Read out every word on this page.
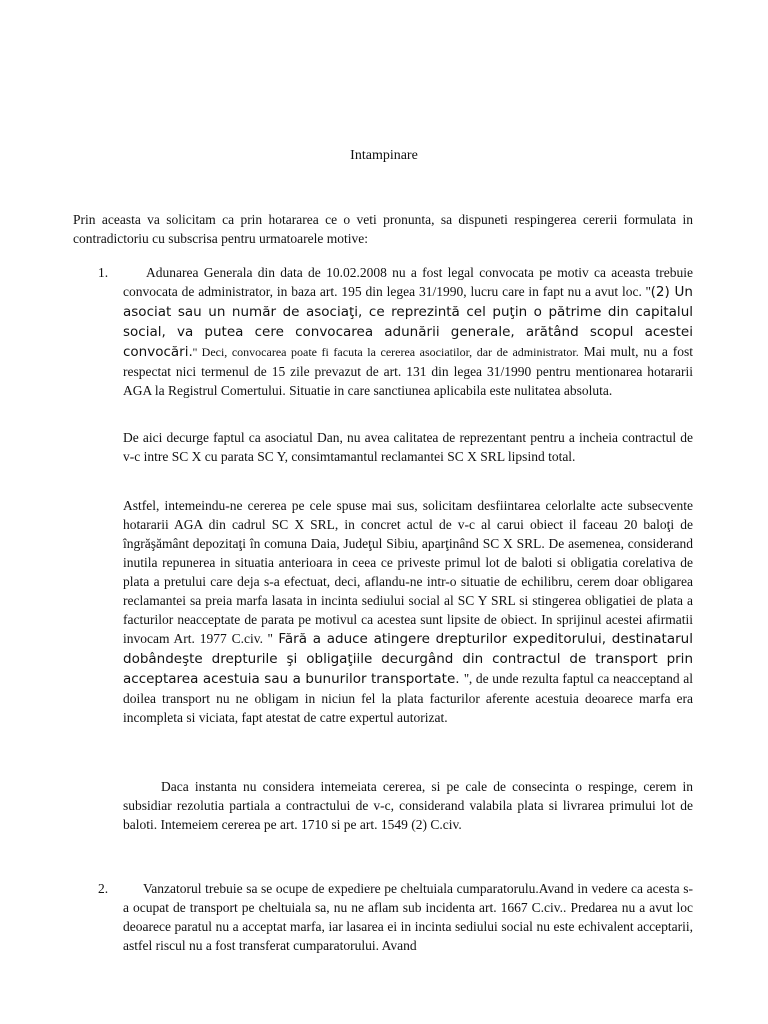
Intampinare
Prin aceasta va solicitam ca prin hotararea ce o veti pronunta, sa dispuneti respingerea cererii formulata in contradictoriu cu subscrisa pentru urmatoarele motive:
1.	Adunarea Generala din data de 10.02.2008 nu a fost legal convocata pe motiv ca aceasta trebuie convocata de administrator, in baza art. 195 din legea 31/1990, lucru care in fapt nu a avut loc. ''(2) Un asociat sau un număr de asociaţi, ce reprezintă cel puţin o pătrime din capitalul social, va putea cere convocarea adunării generale, arătând scopul acestei convocări.'' Deci, convocarea poate fi facuta la cererea asociatilor, dar de administrator. Mai mult, nu a fost respectat nici termenul de 15 zile prevazut de art. 131 din legea 31/1990 pentru mentionarea hotararii AGA la Registrul Comertului. Situatie in care sanctiunea aplicabila este nulitatea absoluta.
De aici decurge faptul ca asociatul Dan, nu avea calitatea de reprezentant pentru a incheia contractul de v-c intre SC X cu parata SC Y, consimtamantul reclamantei SC X SRL lipsind total.
Astfel, intemeindu-ne cererea pe cele spuse mai sus, solicitam desfiintarea celorlalte acte subsecvente hotararii AGA din cadrul SC X SRL, in concret actul de v-c al carui obiect il faceau 20 baloţi de îngrăşământ depozitaţi în comuna Daia, Judeţul Sibiu, aparţinând SC X SRL. De asemenea, considerand inutila repunerea in situatia anterioara in ceea ce priveste primul lot de baloti si obligatia corelativa de plata a pretului care deja s-a efectuat, deci, aflandu-ne intr-o situatie de echilibru, cerem doar obligarea reclamantei sa preia marfa lasata in incinta sediului social al SC Y SRL si stingerea obligatiei de plata a facturilor neacceptate de parata pe motivul ca acestea sunt lipsite de obiect. In sprijinul acestei afirmatii invocam Art. 1977 C.civ. '' Fără a aduce atingere drepturilor expeditorului, destinatarul dobândeşte drepturile şi obligaţiile decurgând din contractul de transport prin acceptarea acestuia sau a bunurilor transportate. '', de unde rezulta faptul ca neacceptand al doilea transport nu ne obligam in niciun fel la plata facturilor aferente acestuia deoarece marfa era incompleta si viciata, fapt atestat de catre expertul autorizat.
Daca instanta nu considera intemeiata cererea, si pe cale de consecinta o respinge, cerem in subsidiar rezolutia partiala a contractului de v-c, considerand valabila plata si livrarea primului lot de baloti. Intemeiem cererea pe art. 1710 si pe art. 1549 (2) C.civ.
2.	Vanzatorul trebuie sa se ocupe de expediere pe cheltuiala cumparatorulu.Avand in vedere ca acesta s-a ocupat de transport pe cheltuiala sa, nu ne aflam sub incidenta art. 1667 C.civ.. Predarea nu a avut loc deoarece paratul nu a acceptat marfa, iar lasarea ei in incinta sediului social nu este echivalent acceptarii, astfel riscul nu a fost transferat cumparatorului. Avand
